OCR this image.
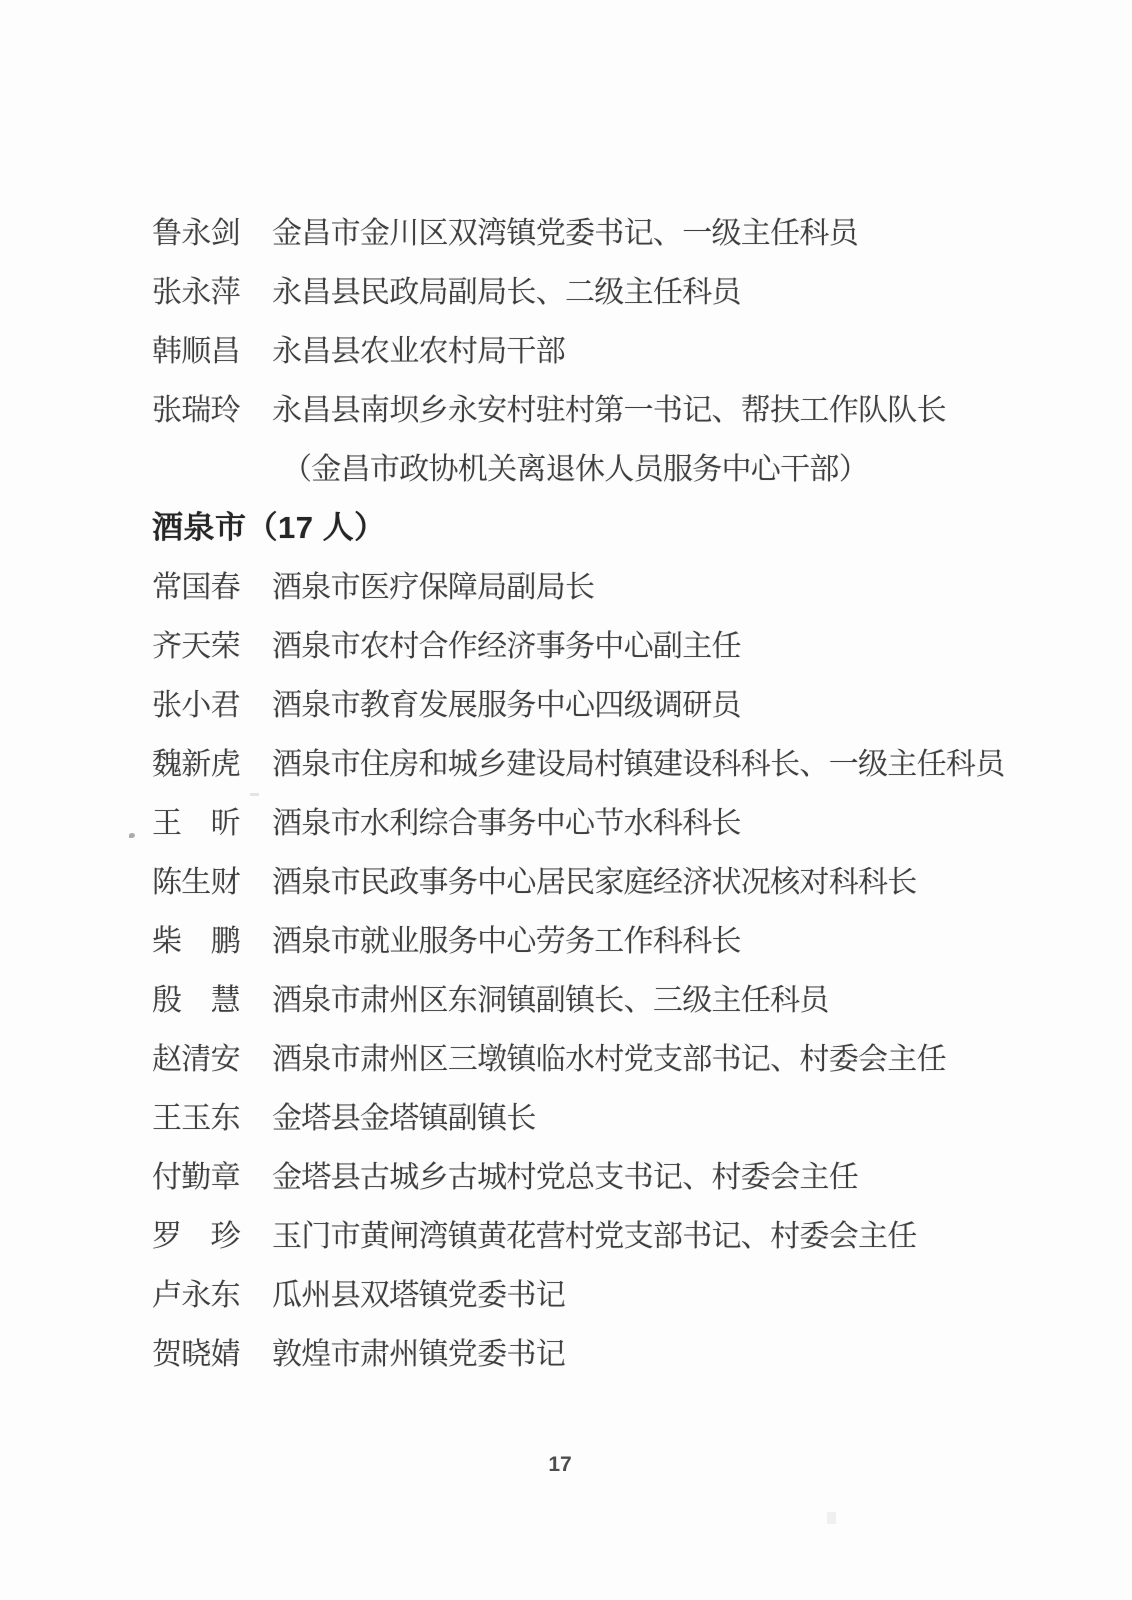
鲁永剑 金昌市金川区双湾镇党委书记、一级主任科员
张永萍 永昌县民政局副局长、二级主任科员
韩顺昌 永昌县农业农村局干部
张瑞玲 永昌县南坝乡永安村驻村第一书记、帮扶工作队队长
（金昌市政协机关离退休人员服务中心干部）
酒泉市（17 人）
常国春 酒泉市医疗保障局副局长
齐天荣 酒泉市农村合作经济事务中心副主任
张小君 酒泉市教育发展服务中心四级调研员
魏新虎 酒泉市住房和城乡建设局村镇建设科科长、一级主任科员
王　昕 酒泉市水利综合事务中心节水科科长
陈生财 酒泉市民政事务中心居民家庭经济状况核对科科长
柴　鹏 酒泉市就业服务中心劳务工作科科长
殷　慧 酒泉市肃州区东洞镇副镇长、三级主任科员
赵清安 酒泉市肃州区三墩镇临水村党支部书记、村委会主任
王玉东 金塔县金塔镇副镇长
付勤章 金塔县古城乡古城村党总支书记、村委会主任
罗　珍 玉门市黄闸湾镇黄花营村党支部书记、村委会主任
卢永东 瓜州县双塔镇党委书记
贺晓婧 敦煌市肃州镇党委书记
17
